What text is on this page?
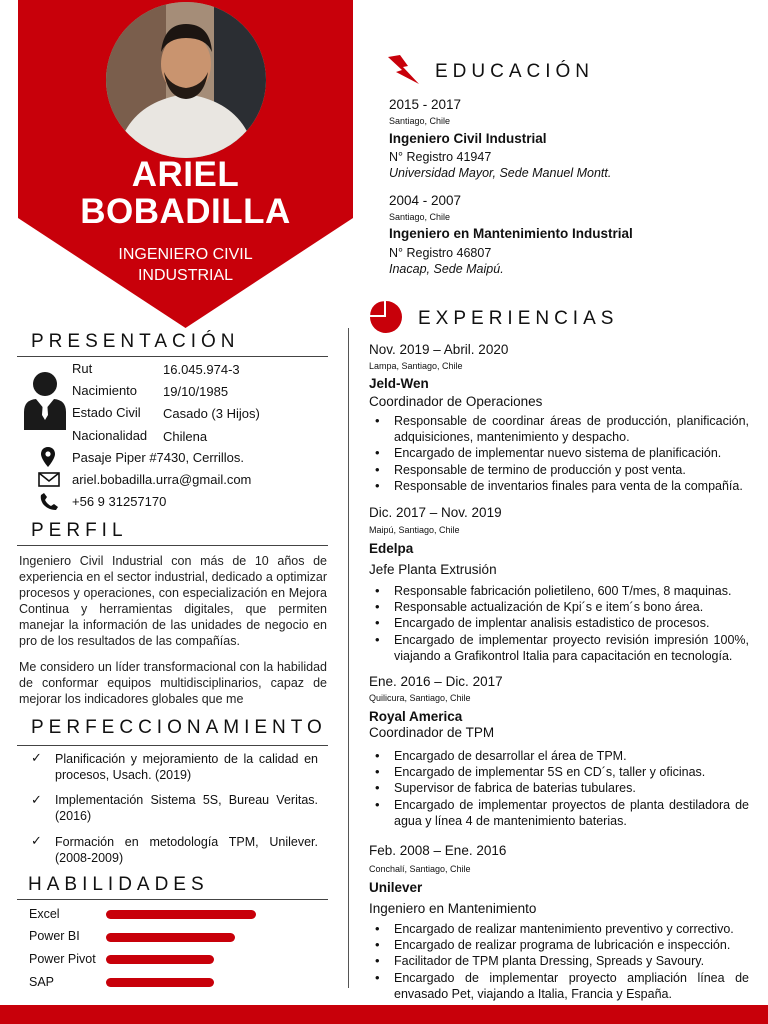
ARIEL
BOBADILLA
INGENIERO CIVIL
INDUSTRIAL
PRESENTACIÓN
Rut	16.045.974-3
Nacimiento 19/10/1985
Estado Civil Casado (3 Hijos)
Nacionalidad Chilena
Pasaje Piper #7430, Cerrillos.
ariel.bobadilla.urra@gmail.com
+56 9 31257170
PERFIL
Ingeniero Civil Industrial con más de 10 años de experiencia en el sector industrial, dedicado a optimizar procesos y operaciones, con especialización en Mejora Continua y herramientas digitales, que permiten manejar la información de las unidades de negocio en pro de los resultados de las compañías.
Me considero un líder transformacional con la habilidad de conformar equipos multidisciplinarios, capaz de mejorar los indicadores globales que me
PERFECCIONAMIENTO
✓ Planificación y mejoramiento de la calidad en procesos, Usach. (2019)
✓ Implementación Sistema 5S, Bureau Veritas. (2016)
✓ Formación en metodología TPM, Unilever. (2008-2009)
HABILIDADES
Excel
Power BI
Power Pivot
SAP
EDUCACIÓN
2015 - 2017
Santiago, Chile
Ingeniero Civil Industrial
N° Registro 41947
Universidad Mayor, Sede Manuel Montt.
2004 - 2007
Santiago, Chile
Ingeniero en Mantenimiento Industrial
N° Registro 46807
Inacap, Sede Maipú.
EXPERIENCIAS
Nov. 2019 – Abril. 2020
Lampa, Santiago, Chile
Jeld-Wen
Coordinador de Operaciones
• Responsable de coordinar áreas de producción, planificación, adquisiciones, mantenimiento y despacho.
• Encargado de implementar nuevo sistema de planificación.
• Responsable de termino de producción y post venta.
• Responsable de inventarios finales para venta de la compañía.
Dic. 2017 – Nov. 2019
Maipú, Santiago, Chile
Edelpa
Jefe Planta Extrusión
• Responsable fabricación polietileno, 600 T/mes, 8 maquinas.
• Responsable actualización de Kpi´s e item´s bono área.
• Encargado de implentar analisis estadistico de procesos.
• Encargado de implementar proyecto revisión impresión 100%, viajando a Grafikontrol Italia para capacitación en tecnología.
Ene. 2016 – Dic. 2017
Quilicura, Santiago, Chile
Royal America
Coordinador de TPM
• Encargado de desarrollar el área de TPM.
• Encargado de implementar 5S en CD´s, taller y oficinas.
• Supervisor de fabrica de baterias tubulares.
• Encargado de implementar proyectos de planta destiladora de agua y línea 4 de mantenimiento baterias.
Feb. 2008 – Ene. 2016
Conchalí, Santiago, Chile
Unilever
Ingeniero en Mantenimiento
• Encargado de realizar mantenimiento preventivo y correctivo.
• Encargado de realizar programa de lubricación e inspección.
• Facilitador de TPM planta Dressing, Spreads y Savoury.
• Encargado de implementar proyecto ampliación línea de envasado Pet, viajando a Italia, Francia y España.
